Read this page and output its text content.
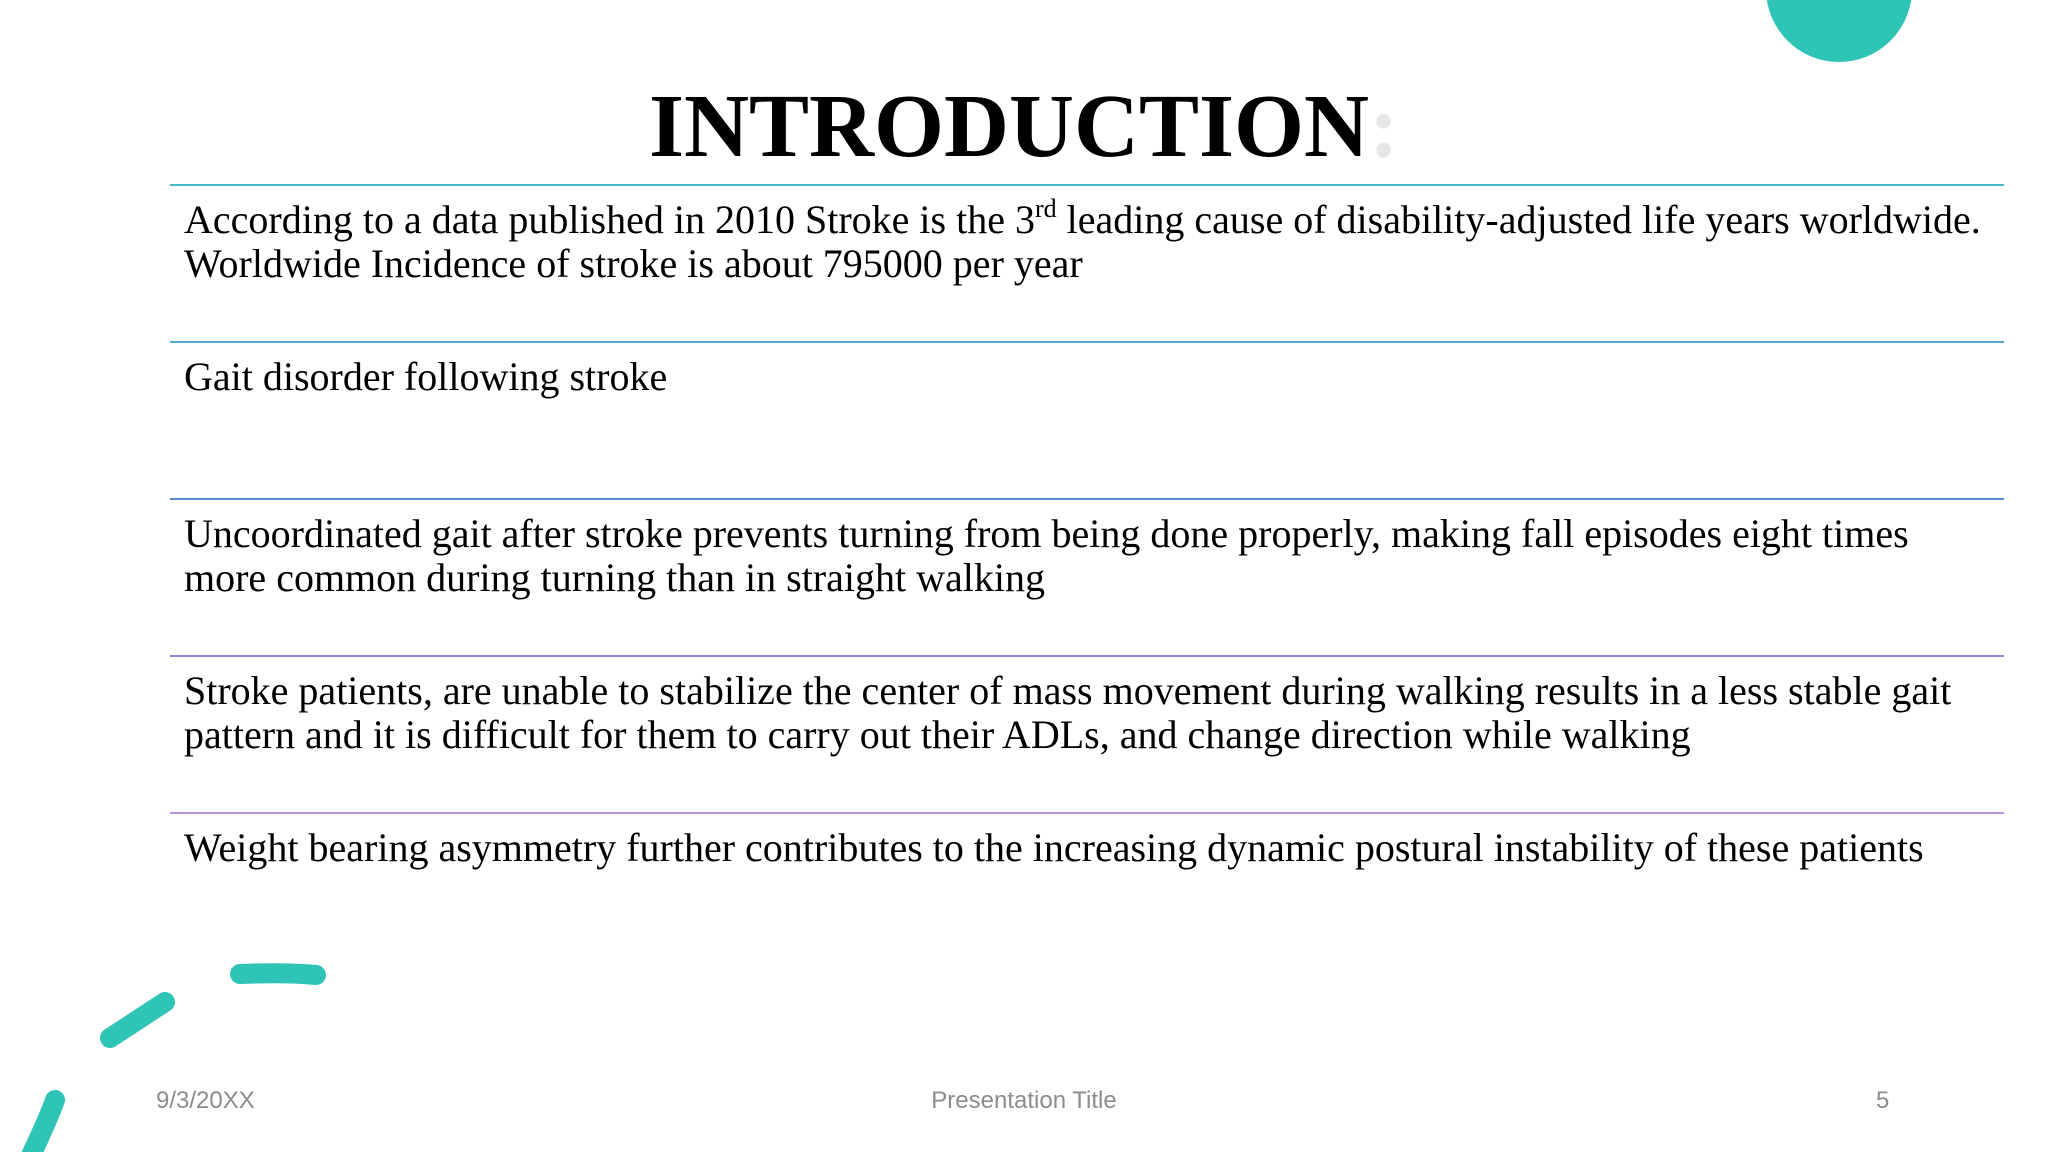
INTRODUCTION:
According to a data published in 2010 Stroke is the 3rd leading cause of disability-adjusted life years worldwide. Worldwide Incidence of stroke is about 795000 per year
Gait disorder following stroke
Uncoordinated gait after stroke prevents turning from being done properly, making fall episodes eight times more common during turning than in straight walking
Stroke patients, are unable to stabilize the center of mass movement during walking results in a less stable gait pattern and it is difficult for them to carry out their ADLs, and change direction while walking
Weight bearing asymmetry further contributes to the increasing dynamic postural instability of these patients
9/3/20XX	Presentation Title	5
